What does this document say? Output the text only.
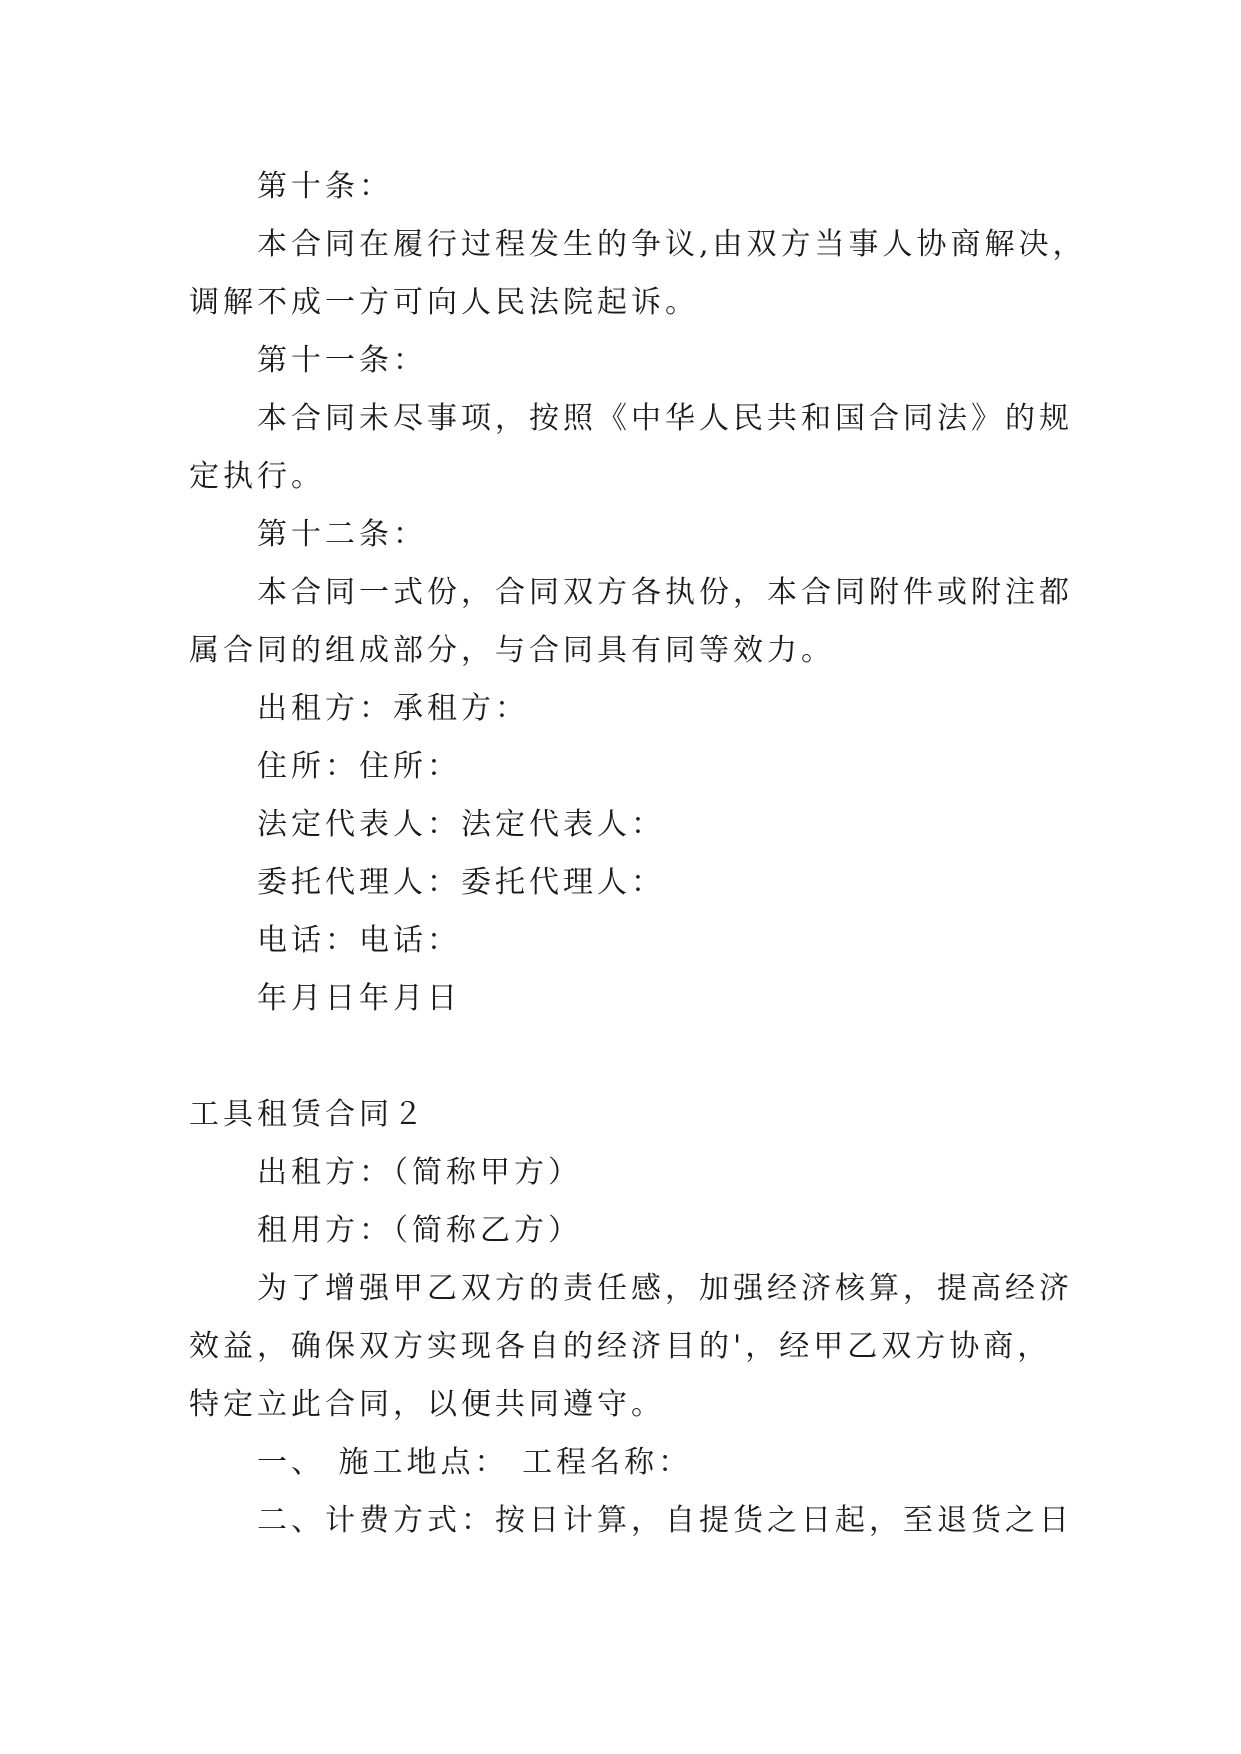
第十条：
本合同在履行过程发生的争议,由双方当事人协商解决，
调解不成一方可向人民法院起诉。
第十一条：
本合同未尽事项，按照《中华人民共和国合同法》的规
定执行。
第十二条：
本合同一式份，合同双方各执份，本合同附件或附注都
属合同的组成部分，与合同具有同等效力。
出租方：承租方：
住所：住所：
法定代表人：法定代表人：
委托代理人：委托代理人：
电话：电话：
年月日年月日
工具租赁合同２
出租方：（简称甲方）
租用方：（简称乙方）
为了增强甲乙双方的责任感，加强经济核算，提高经济
效益，确保双方实现各自的经济目的'，经甲乙双方协商，
特定立此合同，以便共同遵守。
一、 施工地点： 工程名称：
二、计费方式：按日计算，自提货之日起，至退货之日
